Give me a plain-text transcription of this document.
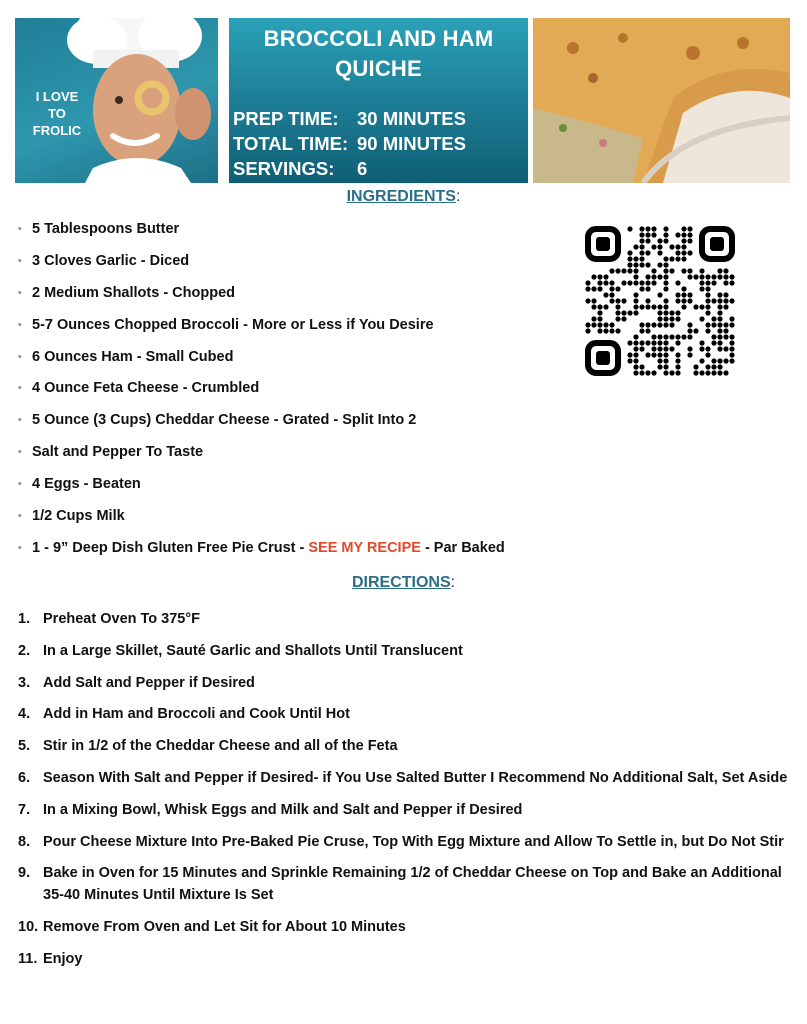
I LOVE
TO
FROLIC
BROCCOLI AND HAM
QUICHE
PREP TIME: 30 MINUTES
TOTAL TIME: 90 MINUTES
SERVINGS: 6
INGREDIENTS:
• 5 Tablespoons Butter
• 3 Cloves Garlic - Diced
• 2 Medium Shallots - Chopped
• 5-7 Ounces Chopped Broccoli - More or Less if You Desire
• 6 Ounces Ham - Small Cubed
• 4 Ounce Feta Cheese - Crumbled
• 5 Ounce (3 Cups) Cheddar Cheese - Grated - Split Into 2
• Salt and Pepper To Taste
• 4 Eggs - Beaten
• 1/2 Cups Milk
• 1 - 9” Deep Dish Gluten Free Pie Crust - SEE MY RECIPE - Par Baked
DIRECTIONS:
1. Preheat Oven To 375°F
2. In a Large Skillet, Sauté Garlic and Shallots Until Translucent
3. Add Salt and Pepper if Desired
4. Add in Ham and Broccoli and Cook Until Hot
5. Stir in 1/2 of the Cheddar Cheese and all of the Feta
6. Season With Salt and Pepper if Desired- if You Use Salted Butter I Recommend No Additional Salt, Set Aside
7. In a Mixing Bowl, Whisk Eggs and Milk and Salt and Pepper if Desired
8. Pour Cheese Mixture Into Pre-Baked Pie Cruse, Top With Egg Mixture and Allow To Settle in, but Do Not Stir
9. Bake in Oven for 15 Minutes and Sprinkle Remaining 1/2 of Cheddar Cheese on Top and Bake an Additional 35-40 Minutes Until Mixture Is Set
10. Remove From Oven and Let Sit for About 10 Minutes
11. Enjoy
